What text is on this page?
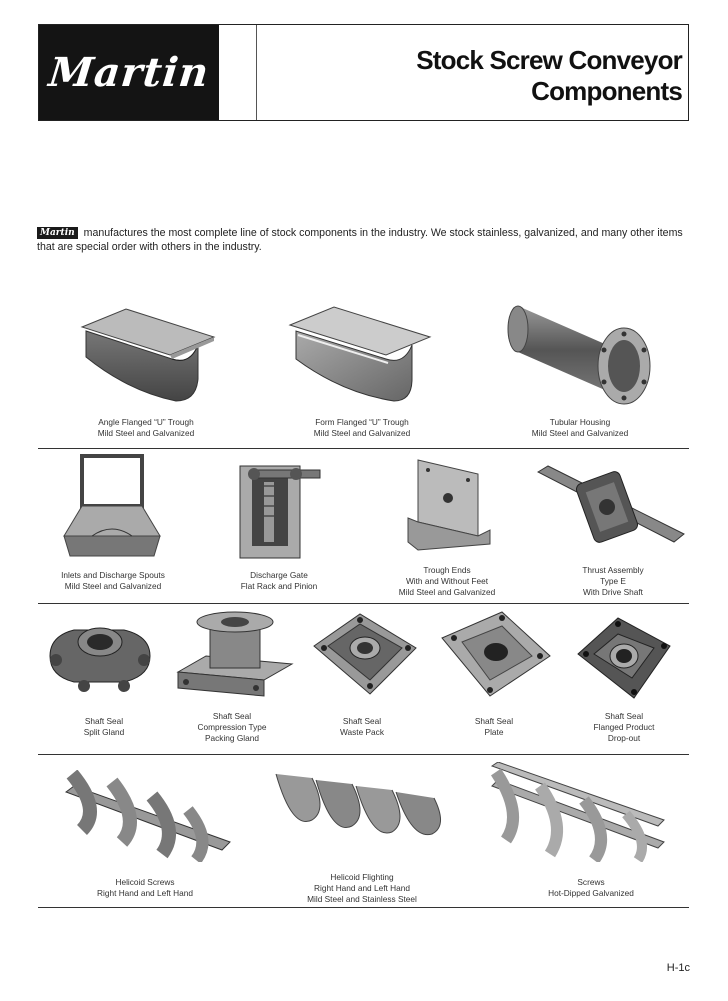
Martin	Stock Screw Conveyor
Components
Martin manufactures the most complete line of stock components in the industry. We stock stainless, galvanized, and many other items that are special order with others in the industry.
Angle Flanged “U” Trough
Mild Steel and Galvanized
Form Flanged “U” Trough
Mild Steel and Galvanized
Tubular Housing
Mild Steel and Galvanized
Inlets and Discharge Spouts
Mild Steel and Galvanized
Discharge Gate
Flat Rack and Pinion
Trough Ends
With and Without Feet
Mild Steel and Galvanized
Thrust Assembly
Type E
With Drive Shaft
Shaft Seal
Split Gland
Shaft Seal
Compression Type
Packing Gland
Shaft Seal
Waste Pack
Shaft Seal
Plate
Shaft Seal
Flanged Product
Drop-out
Helicoid Screws
Right Hand and Left Hand
Helicoid Flighting
Right Hand and Left Hand
Mild Steel and Stainless Steel
Screws
Hot-Dipped Galvanized
H-1c
